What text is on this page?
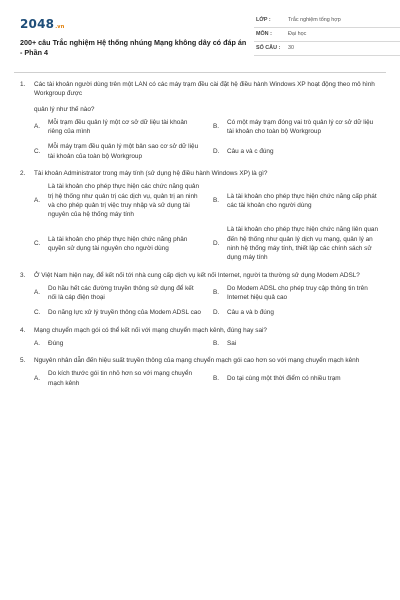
2048.vn
200+ câu Trắc nghiệm Hệ thống nhúng Mạng không dây có đáp án - Phần 4
LỚP :	Trắc nghiệm tổng hợp
MÔN :	Đại học
SỐ CÂU :	30
1.	Các tài khoản người dùng trên một LAN có các máy trạm đều cài đặt hệ điều hành Windows XP hoạt động theo mô hình Workgroup được
quản lý như thế nào?
A.
Mỗi trạm đều quản lý một cơ sở dữ liệu tài khoản riêng của mình
B.
Có một máy trạm đóng vai trò quản lý cơ sở dữ liệu tài khoản cho toàn bộ Workgroup
C.
Mỗi máy trạm đều quản lý một bản sao cơ sở dữ liệu tài khoản của toàn bộ Workgroup
D.	Câu a và c đúng
2.	Tài khoản Administrator trong máy tính (sử dụng hệ điều hành Windows XP) là gì?
A.
Là tài khoản cho phép thực hiện các chức năng quản trị hệ thống như quản trị các dịch vụ, quản trị an ninh và cho phép quản trị việc truy nhập và sử dụng tài nguyên của hệ thống máy tính
B.
Là tài khoản cho phép thực hiện chức năng cấp phát các tài khoản cho người dùng
C.
Là tài khoản cho phép thực hiện chức năng phân quyền sử dụng tài nguyên cho người dùng
D.
Là tài khoản cho phép thực hiện chức năng liên quan đến hệ thống như quản lý dịch vụ mạng, quản lý an ninh hệ thống máy tính, thiết lập các chính sách sử dụng máy tính
3.	Ở Việt Nam hiện nay, để kết nối tới nhà cung cấp dịch vụ kết nối Internet, người ta thường sử dụng Modem ADSL?
A.
Do hầu hết các đường truyền thông sử dụng để kết nối là cáp điện thoại
B.
Do Modem ADSL cho phép truy cập thông tin trên Internet hiệu quả cao
C.	Do năng lực xử lý truyền thông của Modem ADSL cao	D.	Câu a và b đúng
4.	Mạng chuyển mạch gói có thể kết nối với mạng chuyển mạch kênh, đúng hay sai?
A.	Đúng	B.	Sai
5.	Nguyên nhân dẫn đến hiệu suất truyền thông của mạng chuyển mạch gói cao hơn so với mạng chuyển mạch kênh
A.
Do kích thước gói tin nhỏ hơn so với mạng chuyển mạch kênh
B.	Do tại cùng một thời điểm có nhiều trạm
